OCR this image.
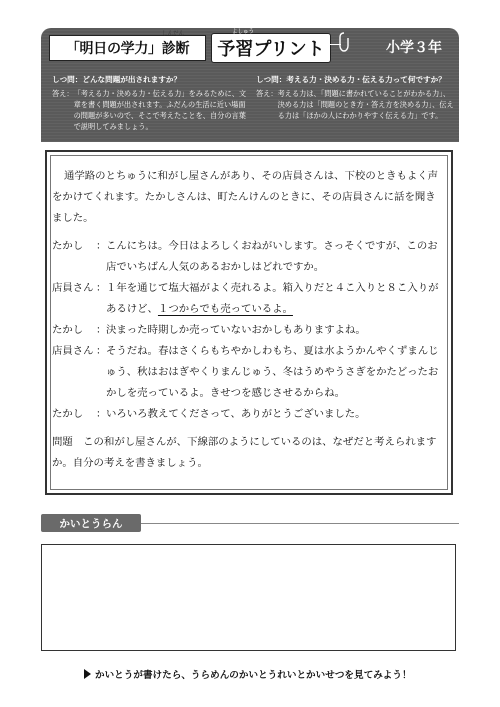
「明日の学力」診断
しんだん
予習プリント
よしゅう
小学３年
しつ問：どんな問題が出されますか？
答え： 「考える力・決める力・伝える力」をみるために、文章を書く問題が出されます。ふだんの生活に近い場面の問題が多いので、そこで考えたことを、自分の言葉で説明してみましょう。
しつ問：考える力・決める力・伝える力って何ですか？
答え： 考える力は、「問題に書かれていることがわかる力」、決める力は「問題のとき方・答え方を決める力」、伝える力は「ほかの人にわかりやすく伝える力」です。
通学路のとちゅうに和がし屋さんがあり、その店員さんは、下校のときもよく声をかけてくれます。たかしさんは、町たんけんのときに、その店員さんに話を聞きました。
たかし	： こんにちは。今日はよろしくおねがいします。さっそくですが、このお店でいちばん人気のあるおかしはどれですか。
店員さん ： １年を通じて塩大福がよく売れるよ。箱入りだと４こ入りと８こ入りがあるけど、１つからでも売っているよ。
たかし	： 決まった時期しか売っていないおかしもありますよね。
店員さん ： そうだね。春はさくらもちやかしわもち、夏は水ようかんやくずまんじゅう、秋はおはぎやくりまんじゅう、冬はうめやうさぎをかたどったおかしを売っているよ。きせつを感じさせるからね。
たかし	： いろいろ教えてくださって、ありがとうございました。
問題　この和がし屋さんが、下線部のようにしているのは、なぜだと考えられますか。自分の考えを書きましょう。
かいとうらん
かいとうが書けたら、うらめんのかいとうれいとかいせつを見てみよう！
